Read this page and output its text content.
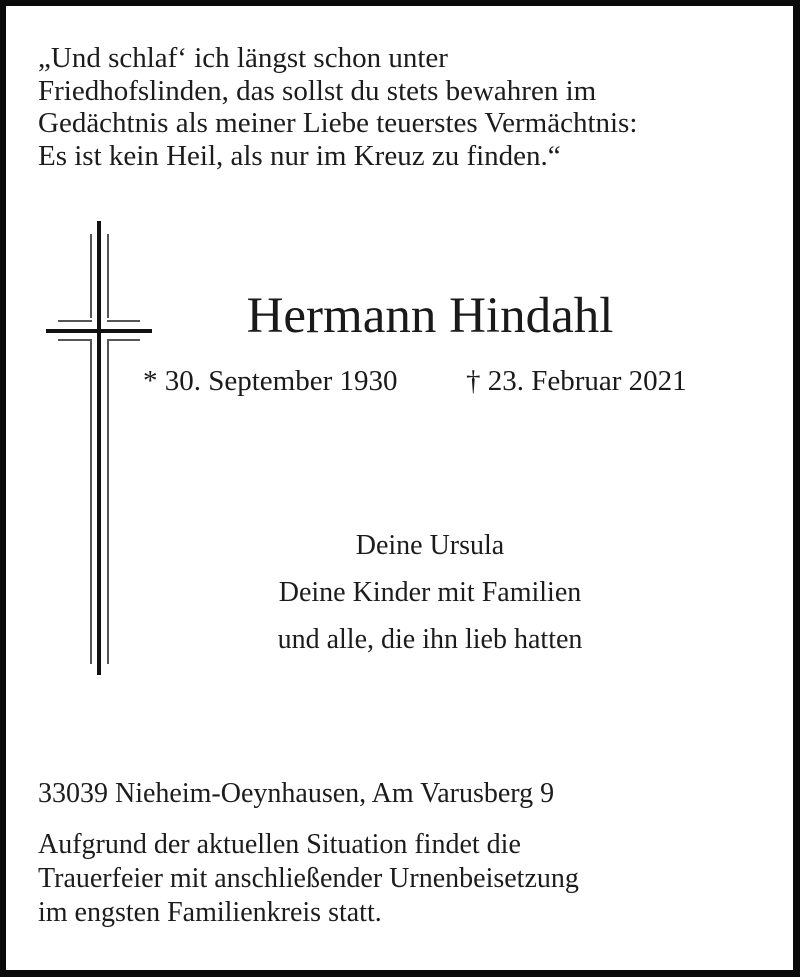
„Und schlaf‘ ich längst schon unter
Friedhofslinden, das sollst du stets bewahren im
Gedächtnis als meiner Liebe teuerstes Vermächtnis:
Es ist kein Heil, als nur im Kreuz zu finden.“
Hermann Hindahl
* 30. September 1930 † 23. Februar 2021
Deine Ursula
Deine Kinder mit Familien
und alle, die ihn lieb hatten
33039 Nieheim-Oeynhausen, Am Varusberg 9
Aufgrund der aktuellen Situation findet die
Trauerfeier mit anschließender Urnenbeisetzung
im engsten Familienkreis statt.
